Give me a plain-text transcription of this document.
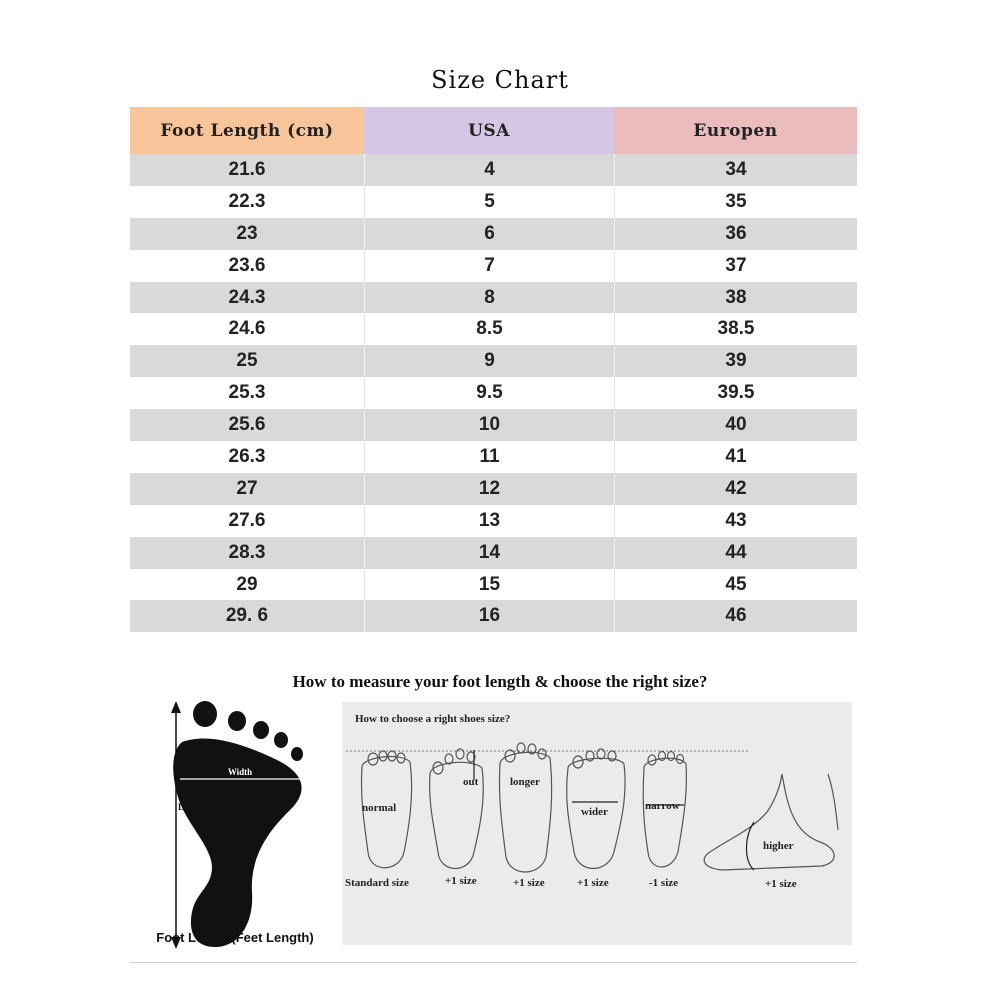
Size Chart
Foot Length (cm)	USA	Europen
21.6	4	34
22.3	5	35
23	6	36
23.6	7	37
24.3	8	38
24.6	8.5	38.5
25	9	39
25.3	9.5	39.5
25.6	10	40
26.3	11	41
27	12	42
27.6	13	43
28.3	14	44
29	15	45
29. 6	16	46
How to measure your foot length & choose the right size?
Width
Length
Foot Length(Feet Length)
How to choose a right shoes size?
normal
out	longer
wider	narrow
higher
Standard size	+1 size	+1 size	+1 size	-1 size	+1 size
